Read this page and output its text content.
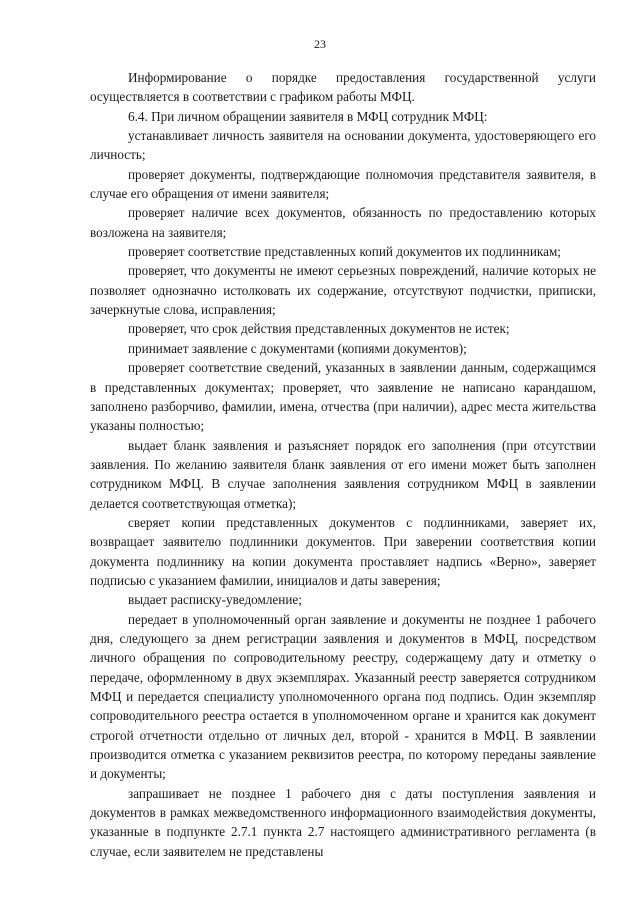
23

Информирование о порядке предоставления государственной услуги осуществляется в соответствии с графиком работы МФЦ.

6.4. При личном обращении заявителя в МФЦ сотрудник МФЦ:

устанавливает личность заявителя на основании документа, удостоверяющего его личность;

проверяет документы, подтверждающие полномочия представителя заявителя, в случае его обращения от имени заявителя;

проверяет наличие всех документов, обязанность по предоставлению которых возложена на заявителя;

проверяет соответствие представленных копий документов их подлинникам;

проверяет, что документы не имеют серьезных повреждений, наличие которых не позволяет однозначно истолковать их содержание, отсутствуют подчистки, приписки, зачеркнутые слова, исправления;

проверяет, что срок действия представленных документов не истек;

принимает заявление с документами (копиями документов);

проверяет соответствие сведений, указанных в заявлении данным, содержащимся в представленных документах; проверяет, что заявление не написано карандашом, заполнено разборчиво, фамилии, имена, отчества (при наличии), адрес места жительства указаны полностью;

выдает бланк заявления и разъясняет порядок его заполнения (при отсутствии заявления. По желанию заявителя бланк заявления от его имени может быть заполнен сотрудником МФЦ. В случае заполнения заявления сотрудником МФЦ в заявлении делается соответствующая отметка);

сверяет копии представленных документов с подлинниками, заверяет их, возвращает заявителю подлинники документов. При заверении соответствия копии документа подлиннику на копии документа проставляет надпись «Верно», заверяет подписью с указанием фамилии, инициалов и даты заверения;

выдает расписку-уведомление;

передает в уполномоченный орган заявление и документы не позднее 1 рабочего дня, следующего за днем регистрации заявления и документов в МФЦ, посредством личного обращения по сопроводительному реестру, содержащему дату и отметку о передаче, оформленному в двух экземплярах. Указанный реестр заверяется сотрудником МФЦ и передается специалисту уполномоченного органа под подпись. Один экземпляр сопроводительного реестра остается в уполномоченном органе и хранится как документ строгой отчетности отдельно от личных дел, второй - хранится в МФЦ. В заявлении производится отметка с указанием реквизитов реестра, по которому переданы заявление и документы;

запрашивает не позднее 1 рабочего дня с даты поступления заявления и документов в рамках межведомственного информационного взаимодействия документы, указанные в подпункте 2.7.1 пункта 2.7 настоящего административного регламента (в случае, если заявителем не представлены
